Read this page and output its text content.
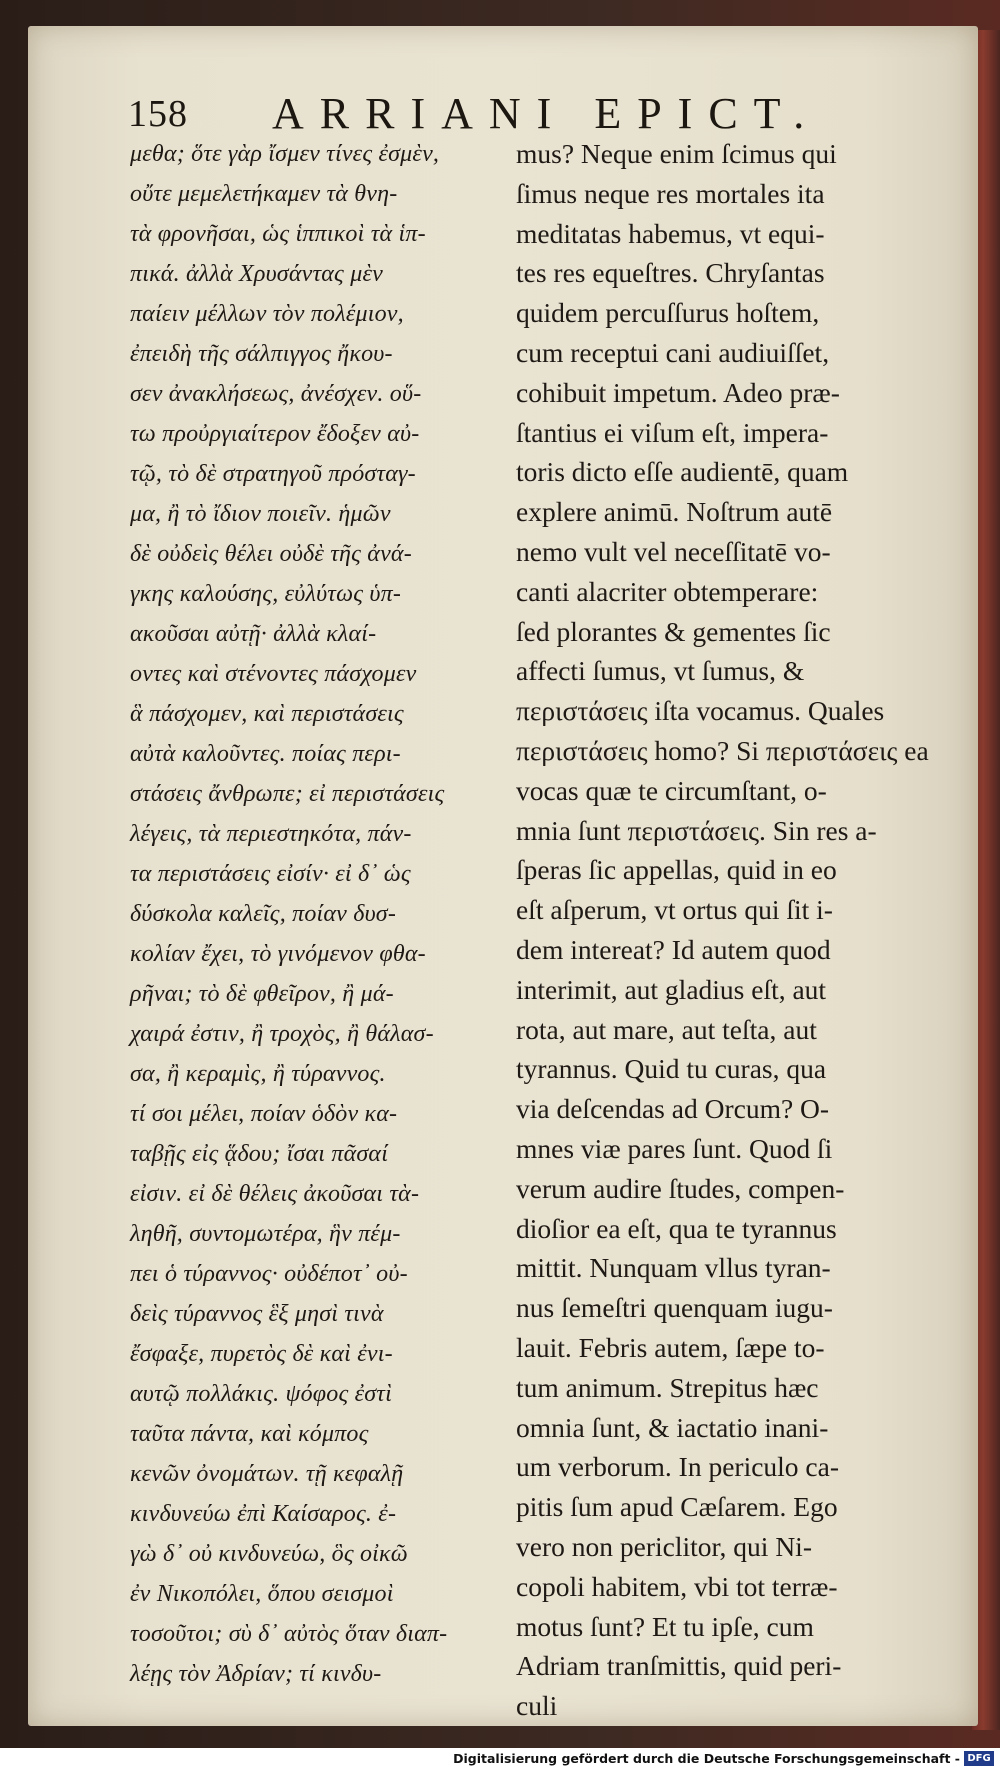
158 ARRIANI EPICT.
μεθα; ὅτε γὰρ ἴσμεν τίνες ἐσμὲν,
οὔτε μεμελετήκαμεν τὰ θνη-
τὰ φρονῆσαι, ὡς ἱππικοὶ τὰ ἱπ-
πικά. ἀλλὰ Χρυσάντας μὲν
παίειν μέλλων τὸν πολέμιον,
ἐπειδὴ τῆς σάλπιγγος ἤκου-
σεν ἀνακλήσεως, ἀνέσχεν. οὕ-
τω προὐργιαίτερον ἔδοξεν αὐ-
τῷ, τὸ δὲ στρατηγοῦ πρόσταγ-
μα, ἢ τὸ ἴδιον ποιεῖν. ἡμῶν
δὲ οὐδεὶς θέλει οὐδὲ τῆς ἀνά-
γκης καλούσης, εὐλύτως ὑπ-
ακοῦσαι αὐτῇ· ἀλλὰ κλαί-
οντες καὶ στένοντες πάσχομεν
ἃ πάσχομεν, καὶ περιστάσεις
αὐτὰ καλοῦντες. ποίας περι-
στάσεις ἄνθρωπε; εἰ περιστάσεις
λέγεις, τὰ περιεστηκότα, πάν-
τα περιστάσεις εἰσίν· εἰ δ᾽ ὡς
δύσκολα καλεῖς, ποίαν δυσ-
κολίαν ἔχει, τὸ γινόμενον φθα-
ρῆναι; τὸ δὲ φθεῖρον, ἢ μά-
χαιρά ἐστιν, ἢ τροχὸς, ἢ θάλασ-
σα, ἢ κεραμὶς, ἢ τύραννος.
τί σοι μέλει, ποίαν ὁδὸν κα-
ταβῇς εἰς ᾅδου; ἴσαι πᾶσαί
εἰσιν. εἰ δὲ θέλεις ἀκοῦσαι τὰ-
ληθῆ, συντομωτέρα, ἣν πέμ-
πει ὁ τύραννος· οὐδέποτ᾽ οὐ-
δεὶς τύραννος ἓξ μησὶ τινὰ
ἔσφαξε, πυρετὸς δὲ καὶ ἐνι-
αυτῷ πολλάκις. ψόφος ἐστὶ
ταῦτα πάντα, καὶ κόμπος
κενῶν ὀνομάτων. τῇ κεφαλῇ
κινδυνεύω ἐπὶ Καίσαρος. ἐ-
γὼ δ᾽ οὐ κινδυνεύω, ὃς οἰκῶ
ἐν Νικοπόλει, ὅπου σεισμοὶ
τοσοῦτοι; σὺ δ᾽ αὐτὸς ὅταν διαπ-
λέῃς τὸν Ἀδρίαν; τί κινδυ-
mus? Neque enim ſcimus qui
ſimus neque res mortales ita
meditatas habemus, vt equi-
tes res equeſtres. Chryſantas
quidem percuſſurus hoſtem,
cum receptui cani audiuiſſet,
cohibuit impetum. Adeo præ-
ſtantius ei viſum eſt, impera-
toris dicto eſſe audientē, quam
explere animū. Noſtrum autē
nemo vult vel neceſſitatē vo-
canti alacriter obtemperare:
ſed plorantes & gementes ſic
affecti ſumus, vt ſumus, &
περιστάσεις iſta vocamus. Quales
περιστάσεις homo? Si περιστάσεις ea
vocas quæ te circumſtant, o-
mnia ſunt περιστάσεις. Sin res a-
ſperas ſic appellas, quid in eo
eſt aſperum, vt ortus qui ſit i-
dem intereat? Id autem quod
interimit, aut gladius eſt, aut
rota, aut mare, aut teſta, aut
tyrannus. Quid tu curas, qua
via deſcendas ad Orcum? O-
mnes viæ pares ſunt. Quod ſi
verum audire ſtudes, compen-
dioſior ea eſt, qua te tyrannus
mittit. Nunquam vllus tyran-
nus ſemeſtri quenquam iugu-
lauit. Febris autem, ſæpe to-
tum animum. Strepitus hæc
omnia ſunt, & iactatio inani-
um verborum. In periculo ca-
pitis ſum apud Cæſarem. Ego
vero non periclitor, qui Ni-
copoli habitem, vbi tot terræ-
motus ſunt? Et tu ipſe, cum
Adriam tranſmittis, quid peri-
culi
Digitalisierung gefördert durch die Deutsche Forschungsgemeinschaft - DFG
